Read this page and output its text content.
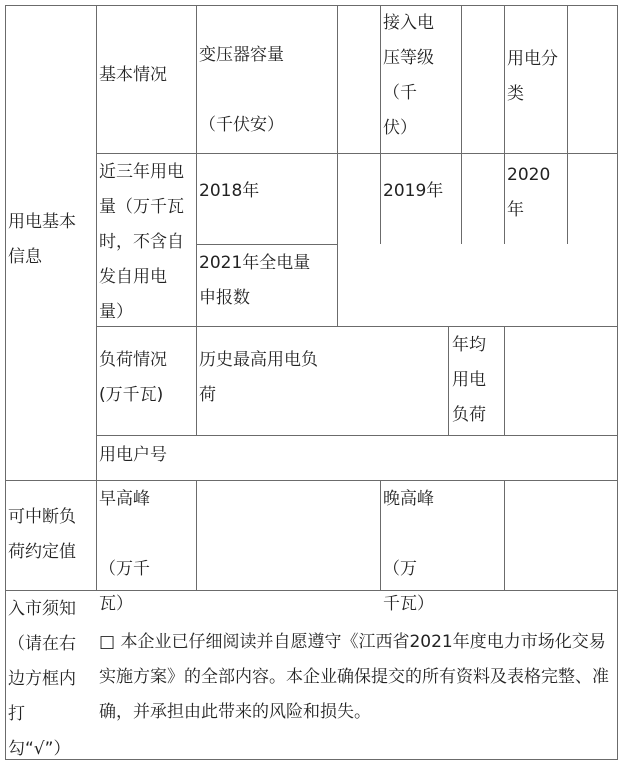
用电基本
信息
基本情况
变压器容量

（千伏安）
接入电
压等级
（千
伏）
用电分
类
近三年用电
量（万千瓦
时，不含自
发自用电
量）
2018年	2019年
2020
年
2021年全电量
申报数
负荷情况
(万千瓦)
历史最高用电负
荷
年均
用电
负荷
用电户号
可中断负
荷约定值
早高峰
（万千
瓦）
晚高峰
（万
千瓦）
入市须知
（请在右
边方框内
打
勾“√”）
□ 本企业已仔细阅读并自愿遵守《江西省2021年度电力市场化交易实施方案》的全部内容。本企业确保提交的所有资料及表格完整、准确，并承担由此带来的风险和损失。
